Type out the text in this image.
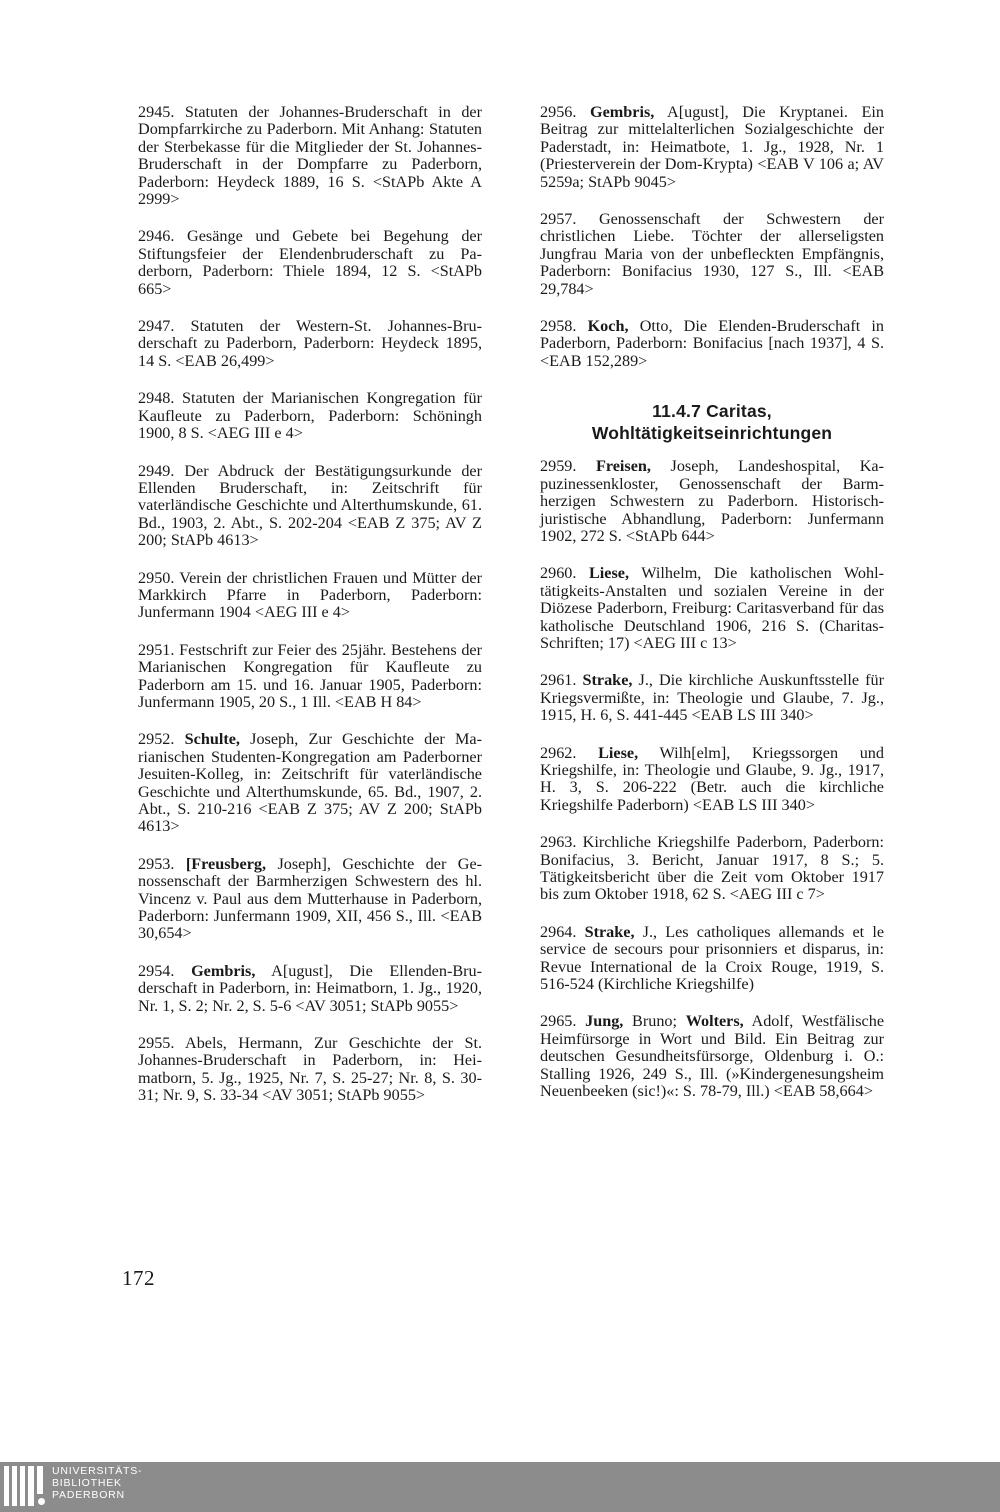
2945. Statuten der Johannes-Bruderschaft in der Dompfarrkirche zu Paderborn. Mit Anhang: Statuten der Sterbekasse für die Mitglieder der St. Johannes-Bruderschaft in der Dompfarre zu Paderborn, Paderborn: Heydeck 1889, 16 S. <StAPb Akte A 2999>

2946. Gesänge und Gebete bei Begehung der Stiftungsfeier der Elendenbruderschaft zu Paderborn, Paderborn: Thiele 1894, 12 S. <StAPb 665>

2947. Statuten der Western-St. Johannes-Bruderschaft zu Paderborn, Paderborn: Heydeck 1895, 14 S. <EAB 26,499>

2948. Statuten der Marianischen Kongregation für Kaufleute zu Paderborn, Paderborn: Schöningh 1900, 8 S. <AEG III e 4>

2949. Der Abdruck der Bestätigungsurkunde der Ellenden Bruderschaft, in: Zeitschrift für vaterländische Geschichte und Alterthumskunde, 61. Bd., 1903, 2. Abt., S. 202-204 <EAB Z 375; AV Z 200; StAPb 4613>

2950. Verein der christlichen Frauen und Mütter der Markkirch Pfarre in Paderborn, Paderborn: Junfermann 1904 <AEG III e 4>

2951. Festschrift zur Feier des 25jähr. Bestehens der Marianischen Kongregation für Kaufleute zu Paderborn am 15. und 16. Januar 1905, Paderborn: Junfermann 1905, 20 S., 1 Ill. <EAB H 84>

2952. Schulte, Joseph, Zur Geschichte der Marianischen Studenten-Kongregation am Paderborner Jesuiten-Kolleg, in: Zeitschrift für vaterländische Geschichte und Alterthumskunde, 65. Bd., 1907, 2. Abt., S. 210-216 <EAB Z 375; AV Z 200; StAPb 4613>

2953. [Freusberg, Joseph], Geschichte der Genossenschaft der Barmherzigen Schwestern des hl. Vincenz v. Paul aus dem Mutterhause in Paderborn, Paderborn: Junfermann 1909, XII, 456 S., Ill. <EAB 30,654>

2954. Gembris, A[ugust], Die Ellenden-Bruderschaft in Paderborn, in: Heimatborn, 1. Jg., 1920, Nr. 1, S. 2; Nr. 2, S. 5-6 <AV 3051; StAPb 9055>

2955. Abels, Hermann, Zur Geschichte der St. Johannes-Bruderschaft in Paderborn, in: Heimatborn, 5. Jg., 1925, Nr. 7, S. 25-27; Nr. 8, S. 30-31; Nr. 9, S. 33-34 <AV 3051; StAPb 9055>

2956. Gembris, A[ugust], Die Kryptanei. Ein Beitrag zur mittelalterlichen Sozialgeschichte der Paderstadt, in: Heimatbote, 1. Jg., 1928, Nr. 1 (Priesterverein der Dom-Krypta) <EAB V 106 a; AV 5259a; StAPb 9045>

2957. Genossenschaft der Schwestern der christlichen Liebe. Töchter der allerseligsten Jungfrau Maria von der unbefleckten Empfängnis, Paderborn: Bonifacius 1930, 127 S., Ill. <EAB 29,784>

2958. Koch, Otto, Die Elenden-Bruderschaft in Paderborn, Paderborn: Bonifacius [nach 1937], 4 S. <EAB 152,289>

11.4.7 Caritas,
Wohltätigkeitseinrichtungen

2959. Freisen, Joseph, Landeshospital, Kapuzinessenkloster, Genossenschaft der Barmherzigen Schwestern zu Paderborn. Historisch-juristische Abhandlung, Paderborn: Junfermann 1902, 272 S. <StAPb 644>

2960. Liese, Wilhelm, Die katholischen Wohltätigkeits-Anstalten und sozialen Vereine in der Diözese Paderborn, Freiburg: Caritasverband für das katholische Deutschland 1906, 216 S. (Charitas-Schriften; 17) <AEG III c 13>

2961. Strake, J., Die kirchliche Auskunftsstelle für Kriegsvermißte, in: Theologie und Glaube, 7. Jg., 1915, H. 6, S. 441-445 <EAB LS III 340>

2962. Liese, Wilh[elm], Kriegssorgen und Kriegshilfe, in: Theologie und Glaube, 9. Jg., 1917, H. 3, S. 206-222 (Betr. auch die kirchliche Kriegshilfe Paderborn) <EAB LS III 340>

2963. Kirchliche Kriegshilfe Paderborn, Paderborn: Bonifacius, 3. Bericht, Januar 1917, 8 S.; 5. Tätigkeitsbericht über die Zeit vom Oktober 1917 bis zum Oktober 1918, 62 S. <AEG III c 7>

2964. Strake, J., Les catholiques allemands et le service de secours pour prisonniers et disparus, in: Revue International de la Croix Rouge, 1919, S. 516-524 (Kirchliche Kriegshilfe)

2965. Jung, Bruno; Wolters, Adolf, Westfälische Heimfürsorge in Wort und Bild. Ein Beitrag zur deutschen Gesundheitsfürsorge, Oldenburg i. O.: Stalling 1926, 249 S., Ill. (»Kindergenesungsheim Neuenbeeken (sic!)«: S. 78-79, Ill.) <EAB 58,664>

172
UNIVERSITÄTS-
BIBLIOTHEK
PADERBORN
